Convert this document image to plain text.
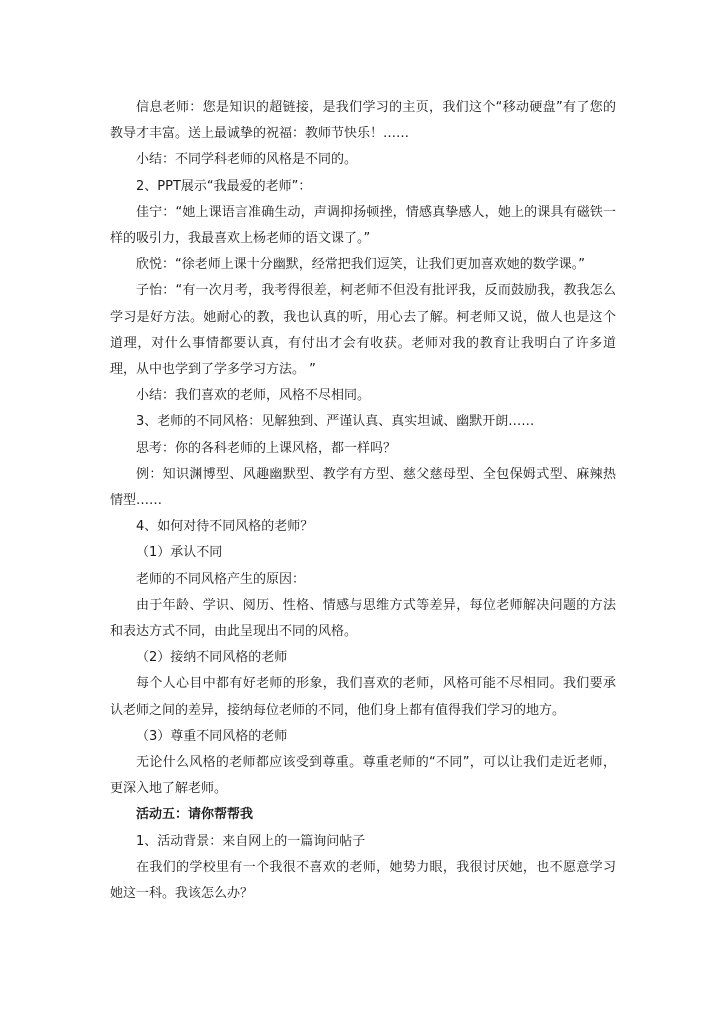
信息老师：您是知识的超链接，是我们学习的主页，我们这个“移动硬盘”有了您的教导才丰富。送上最诚挚的祝福：教师节快乐！……

小结：不同学科老师的风格是不同的。

2、PPT展示“我最爱的老师”：

佳宁：“她上课语言准确生动，声调抑扬顿挫，情感真挚感人，她上的课具有磁铁一样的吸引力，我最喜欢上杨老师的语文课了。”

欣悦：“徐老师上课十分幽默，经常把我们逗笑，让我们更加喜欢她的数学课。”

子怡：“有一次月考，我考得很差，柯老师不但没有批评我，反而鼓励我，教我怎么学习是好方法。她耐心的教，我也认真的听，用心去了解。柯老师又说，做人也是这个道理，对什么事情都要认真，有付出才会有收获。老师对我的教育让我明白了许多道理，从中也学到了学多学习方法。 ”

小结：我们喜欢的老师，风格不尽相同。

3、老师的不同风格：见解独到、严谨认真、真实坦诚、幽默开朗……

思考：你的各科老师的上课风格，都一样吗？

例：知识渊博型、风趣幽默型、教学有方型、慈父慈母型、全包保姆式型、麻辣热情型……

4、如何对待不同风格的老师？

（1）承认不同

老师的不同风格产生的原因：

由于年龄、学识、阅历、性格、情感与思维方式等差异，每位老师解决问题的方法和表达方式不同，由此呈现出不同的风格。

（2）接纳不同风格的老师

每个人心目中都有好老师的形象，我们喜欢的老师，风格可能不尽相同。我们要承认老师之间的差异，接纳每位老师的不同，他们身上都有值得我们学习的地方。

（3）尊重不同风格的老师

无论什么风格的老师都应该受到尊重。尊重老师的“不同”，可以让我们走近老师，更深入地了解老师。

活动五：请你帮帮我

1、活动背景：来自网上的一篇询问帖子

在我们的学校里有一个我很不喜欢的老师，她势力眼，我很讨厌她，也不愿意学习她这一科。我该怎么办？
